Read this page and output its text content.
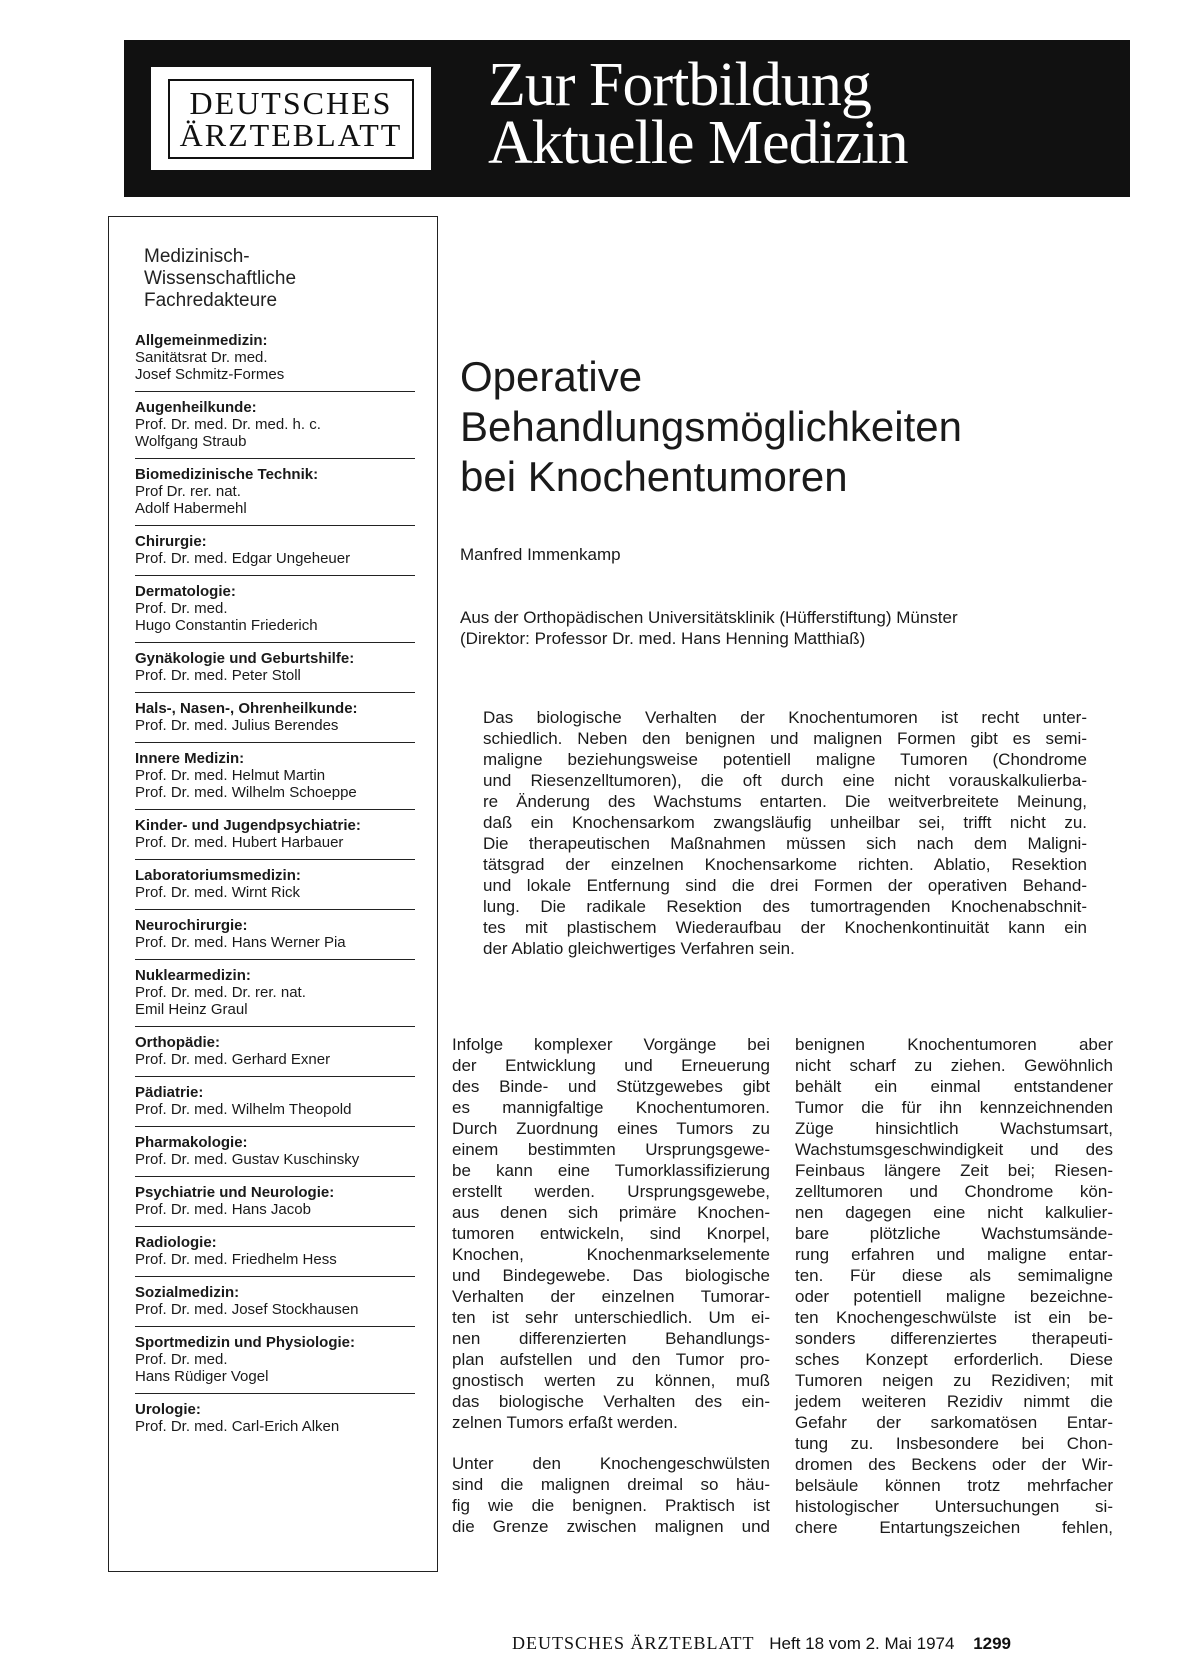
DEUTSCHES
ÄRZTEBLATT
Zur Fortbildung
Aktuelle Medizin
Medizinisch-
Wissenschaftliche
Fachredakteure
Allgemeinmedizin:
Sanitätsrat Dr. med.
Josef Schmitz-Formes
Augenheilkunde:
Prof. Dr. med. Dr. med. h. c.
Wolfgang Straub
Biomedizinische Technik:
Prof Dr. rer. nat.
Adolf Habermehl
Chirurgie:
Prof. Dr. med. Edgar Ungeheuer
Dermatologie:
Prof. Dr. med.
Hugo Constantin Friederich
Gynäkologie und Geburtshilfe:
Prof. Dr. med. Peter Stoll
Hals-, Nasen-, Ohrenheilkunde:
Prof. Dr. med. Julius Berendes
Innere Medizin:
Prof. Dr. med. Helmut Martin
Prof. Dr. med. Wilhelm Schoeppe
Kinder- und Jugendpsychiatrie:
Prof. Dr. med. Hubert Harbauer
Laboratoriumsmedizin:
Prof. Dr. med. Wirnt Rick
Neurochirurgie:
Prof. Dr. med. Hans Werner Pia
Nuklearmedizin:
Prof. Dr. med. Dr. rer. nat.
Emil Heinz Graul
Orthopädie:
Prof. Dr. med. Gerhard Exner
Pädiatrie:
Prof. Dr. med. Wilhelm Theopold
Pharmakologie:
Prof. Dr. med. Gustav Kuschinsky
Psychiatrie und Neurologie:
Prof. Dr. med. Hans Jacob
Radiologie:
Prof. Dr. med. Friedhelm Hess
Sozialmedizin:
Prof. Dr. med. Josef Stockhausen
Sportmedizin und Physiologie:
Prof. Dr. med.
Hans Rüdiger Vogel
Urologie:
Prof. Dr. med. Carl-Erich Alken
Operative
Behandlungsmöglichkeiten
bei Knochentumoren
Manfred Immenkamp
Aus der Orthopädischen Universitätsklinik (Hüfferstiftung) Münster
(Direktor: Professor Dr. med. Hans Henning Matthiaß)
Das biologische Verhalten der Knochentumoren ist recht unter-
schiedlich. Neben den benignen und malignen Formen gibt es semi-
maligne beziehungsweise potentiell maligne Tumoren (Chondrome
und Riesenzelltumoren), die oft durch eine nicht vorauskalkulierba-
re Änderung des Wachstums entarten. Die weitverbreitete Meinung,
daß ein Knochensarkom zwangsläufig unheilbar sei, trifft nicht zu.
Die therapeutischen Maßnahmen müssen sich nach dem Maligni-
tätsgrad der einzelnen Knochensarkome richten. Ablatio, Resektion
und lokale Entfernung sind die drei Formen der operativen Behand-
lung. Die radikale Resektion des tumortragenden Knochenabschnit-
tes mit plastischem Wiederaufbau der Knochenkontinuität kann ein
der Ablatio gleichwertiges Verfahren sein.
Infolge komplexer Vorgänge bei
der Entwicklung und Erneuerung
des Binde- und Stützgewebes gibt
es mannigfaltige Knochentumoren.
Durch Zuordnung eines Tumors zu
einem bestimmten Ursprungsgewe-
be kann eine Tumorklassifizierung
erstellt werden. Ursprungsgewebe,
aus denen sich primäre Knochen-
tumoren entwickeln, sind Knorpel,
Knochen, Knochenmarkselemente
und Bindegewebe. Das biologische
Verhalten der einzelnen Tumorar-
ten ist sehr unterschiedlich. Um ei-
nen differenzierten Behandlungs-
plan aufstellen und den Tumor pro-
gnostisch werten zu können, muß
das biologische Verhalten des ein-
zelnen Tumors erfaßt werden.
Unter den Knochengeschwülsten
sind die malignen dreimal so häu-
fig wie die benignen. Praktisch ist
die Grenze zwischen malignen und
benignen Knochentumoren aber
nicht scharf zu ziehen. Gewöhnlich
behält ein einmal entstandener
Tumor die für ihn kennzeichnenden
Züge hinsichtlich Wachstumsart,
Wachstumsgeschwindigkeit und des
Feinbaus längere Zeit bei; Riesen-
zelltumoren und Chondrome kön-
nen dagegen eine nicht kalkulier-
bare plötzliche Wachstumsände-
rung erfahren und maligne entar-
ten. Für diese als semimaligne
oder potentiell maligne bezeichne-
ten Knochengeschwülste ist ein be-
sonders differenziertes therapeuti-
sches Konzept erforderlich. Diese
Tumoren neigen zu Rezidiven; mit
jedem weiteren Rezidiv nimmt die
Gefahr der sarkomatösen Entar-
tung zu. Insbesondere bei Chon-
dromen des Beckens oder der Wir-
belsäule können trotz mehrfacher
histologischer Untersuchungen si-
chere Entartungszeichen fehlen,
DEUTSCHES ÄRZTEBLATT Heft 18 vom 2. Mai 1974 1299
